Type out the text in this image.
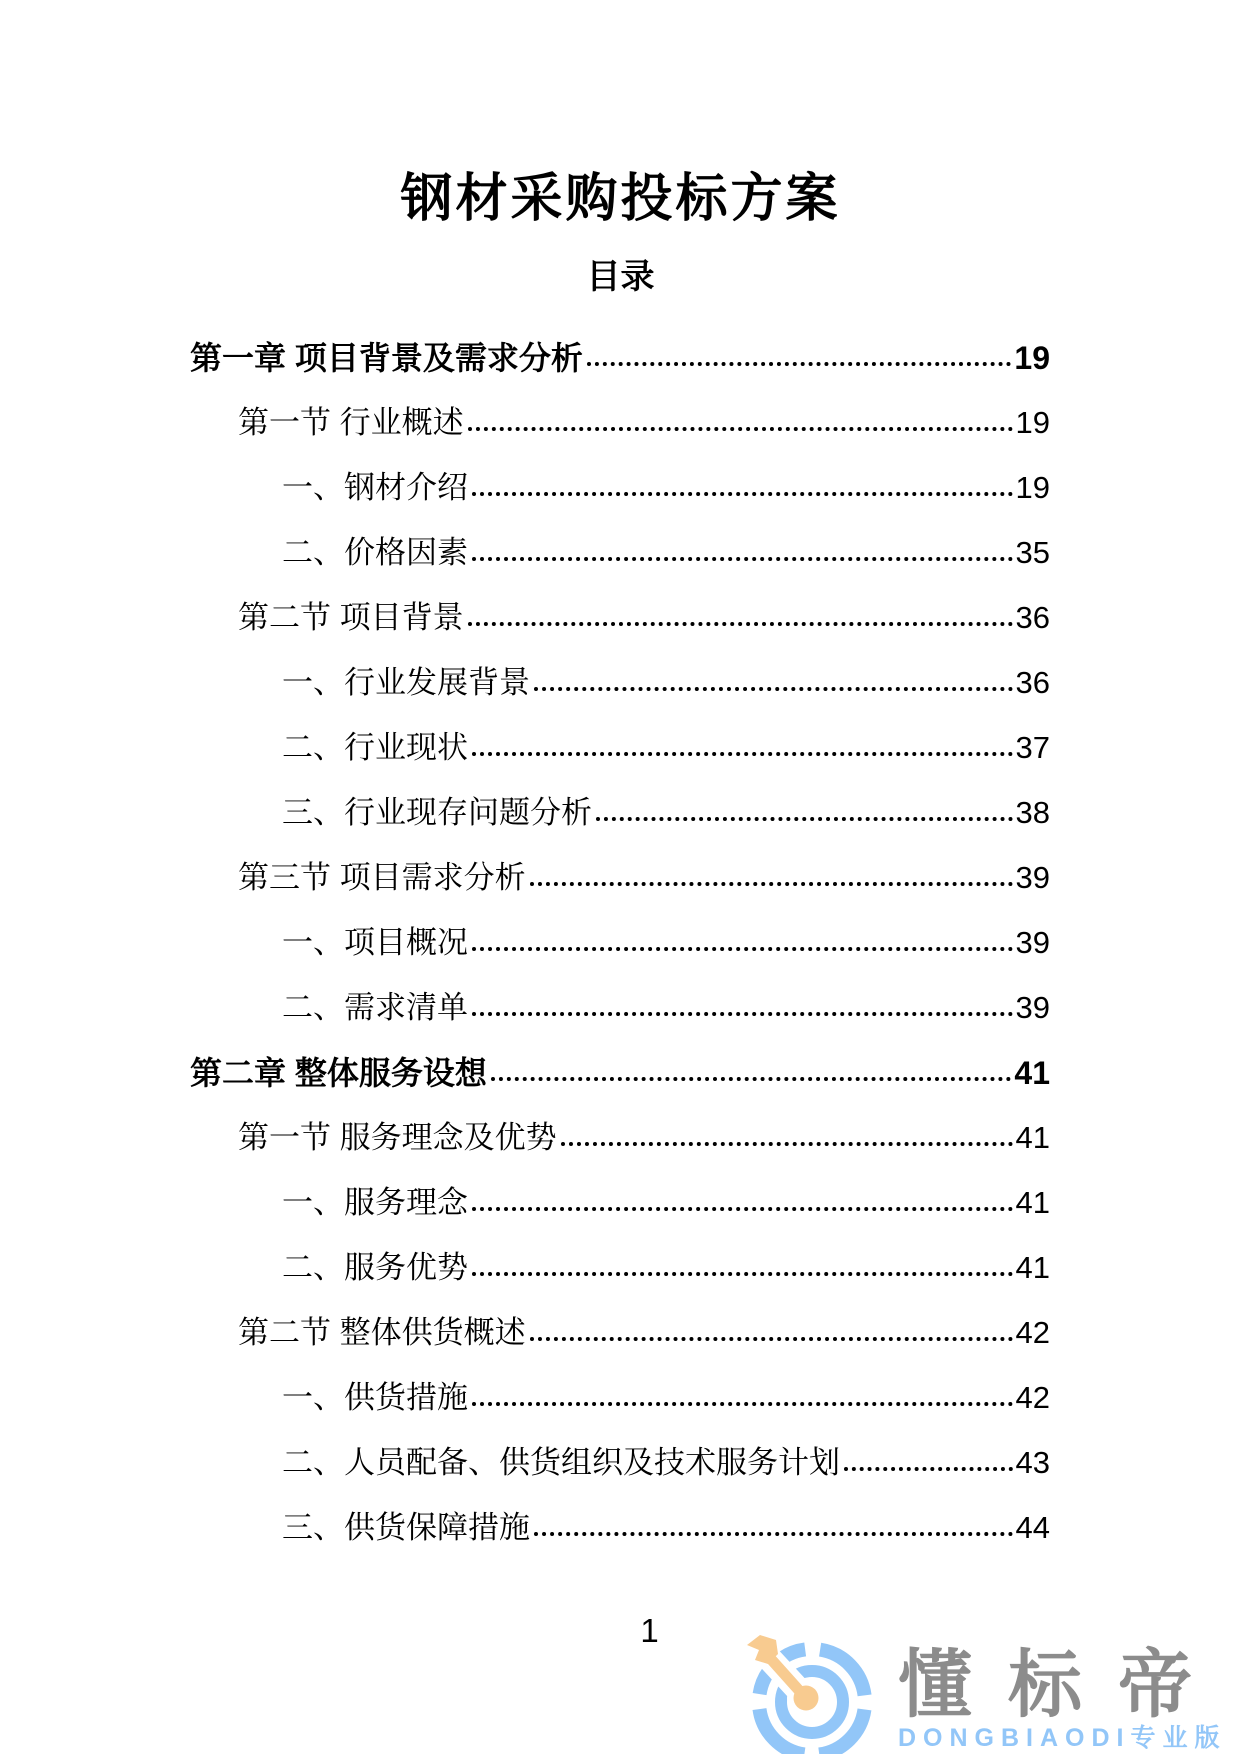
钢材采购投标方案
目录
第一章 项目背景及需求分析	19
第一节 行业概述	19
一、钢材介绍	19
二、价格因素	35
第二节 项目背景	36
一、行业发展背景	36
二、行业现状	37
三、行业现存问题分析	38
第三节 项目需求分析	39
一、项目概况	39
二、需求清单	39
第二章 整体服务设想	41
第一节 服务理念及优势	41
一、服务理念	41
二、服务优势	41
第二节 整体供货概述	42
一、供货措施	42
二、人员配备、供货组织及技术服务计划	43
三、供货保障措施	44
1
懂标帝
DONGBIAODI专业版
